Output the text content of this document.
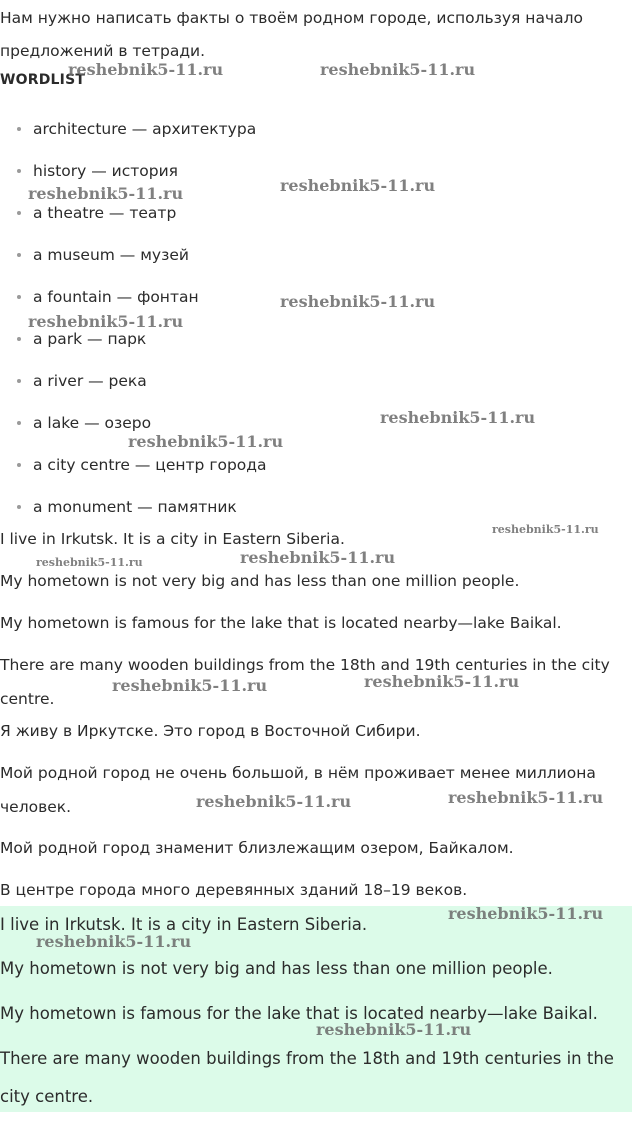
Нам нужно написать факты о твоём родном городе, используя начало предложений в тетради.

WORDLIST
architecture — архитектура
history — история
a theatre — театр
a museum — музей
a fountain — фонтан
a park — парк
a river — река
a lake — озеро
a city centre — центр города
a monument — памятник

I live in Irkutsk. It is a city in Eastern Siberia.

My hometown is not very big and has less than one million people.

My hometown is famous for the lake that is located nearby—lake Baikal.

There are many wooden buildings from the 18th and 19th centuries in the city centre.

Я живу в Иркутске. Это город в Восточной Сибири.

Мой родной город не очень большой, в нём проживает менее миллиона человек.

Мой родной город знаменит близлежащим озером, Байкалом.

В центре города много деревянных зданий 18–19 веков.

I live in Irkutsk. It is a city in Eastern Siberia.

My hometown is not very big and has less than one million people.

My hometown is famous for the lake that is located nearby—lake Baikal.

There are many wooden buildings from the 18th and 19th centuries in the city centre.

reshebnik5-11.ru	reshebnik5-11.ru
reshebnik5-11.ru
reshebnik5-11.ru
reshebnik5-11.ru
reshebnik5-11.ru
reshebnik5-11.ru
reshebnik5-11.ru
reshebnik5-11.ru
reshebnik5-11.ru	reshebnik5-11.ru
reshebnik5-11.ru	reshebnik5-11.ru
reshebnik5-11.ru	reshebnik5-11.ru
reshebnik5-11.ru
reshebnik5-11.ru
reshebnik5-11.ru
